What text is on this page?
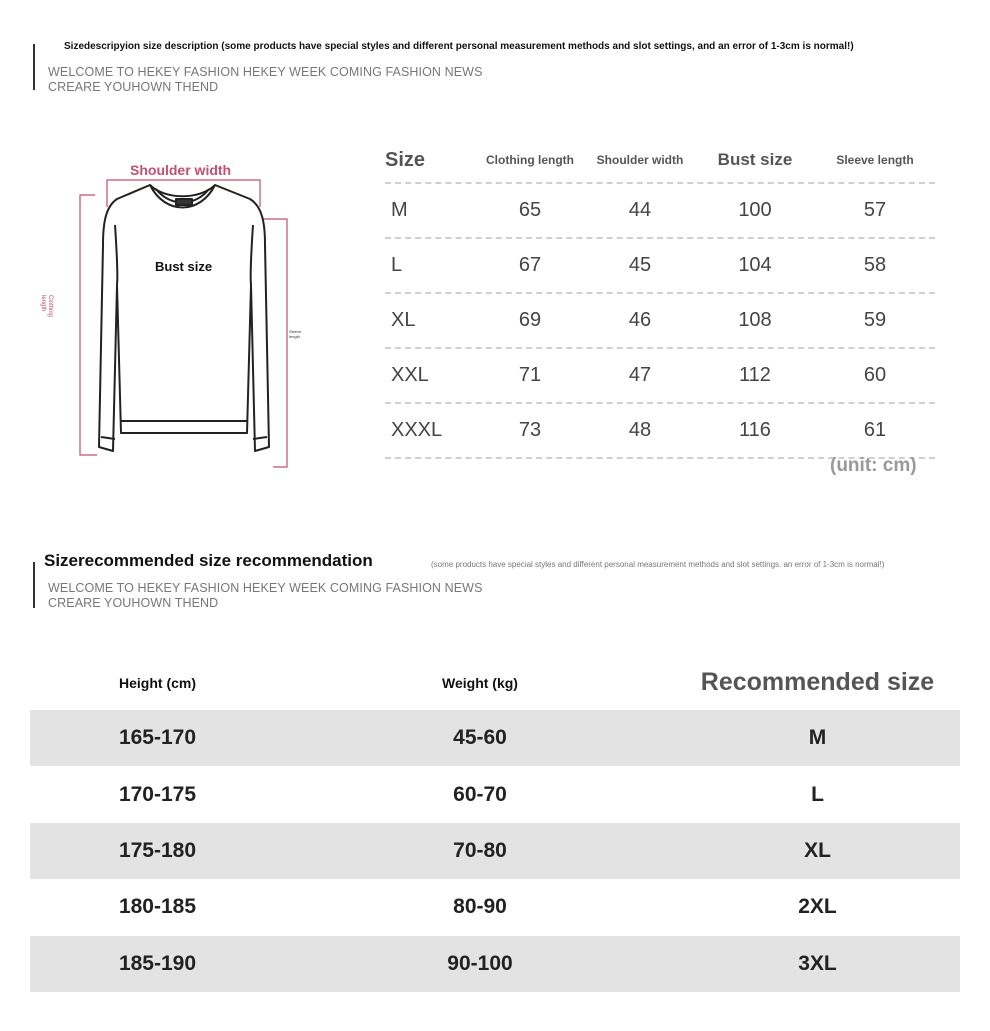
Sizedescripyion size description (some products have special styles and different personal measurement methods and slot settings, and an error of 1-3cm is normal!)
WELCOME TO HEKEY FASHION HEKEY WEEK COMING FASHION NEWS
CREARE YOUHOWN THEND
Shoulder width
Bust size
Clothing length
Sleeve length
Size	Clothing length	Shoulder width	Bust size	Sleeve length
M	65	44	100	57
L	67	45	104	58
XL	69	46	108	59
XXL	71	47	112	60
XXXL	73	48	116	61
(unit: cm)
Sizerecommended size recommendation	(some products have special styles and different personal measurement methods and slot settings. an error of 1-3cm is normal!)
WELCOME TO HEKEY FASHION HEKEY WEEK COMING FASHION NEWS
CREARE YOUHOWN THEND
Height (cm)	Weight (kg)	Recommended size
165-170	45-60	M
170-175	60-70	L
175-180	70-80	XL
180-185	80-90	2XL
185-190	90-100	3XL
